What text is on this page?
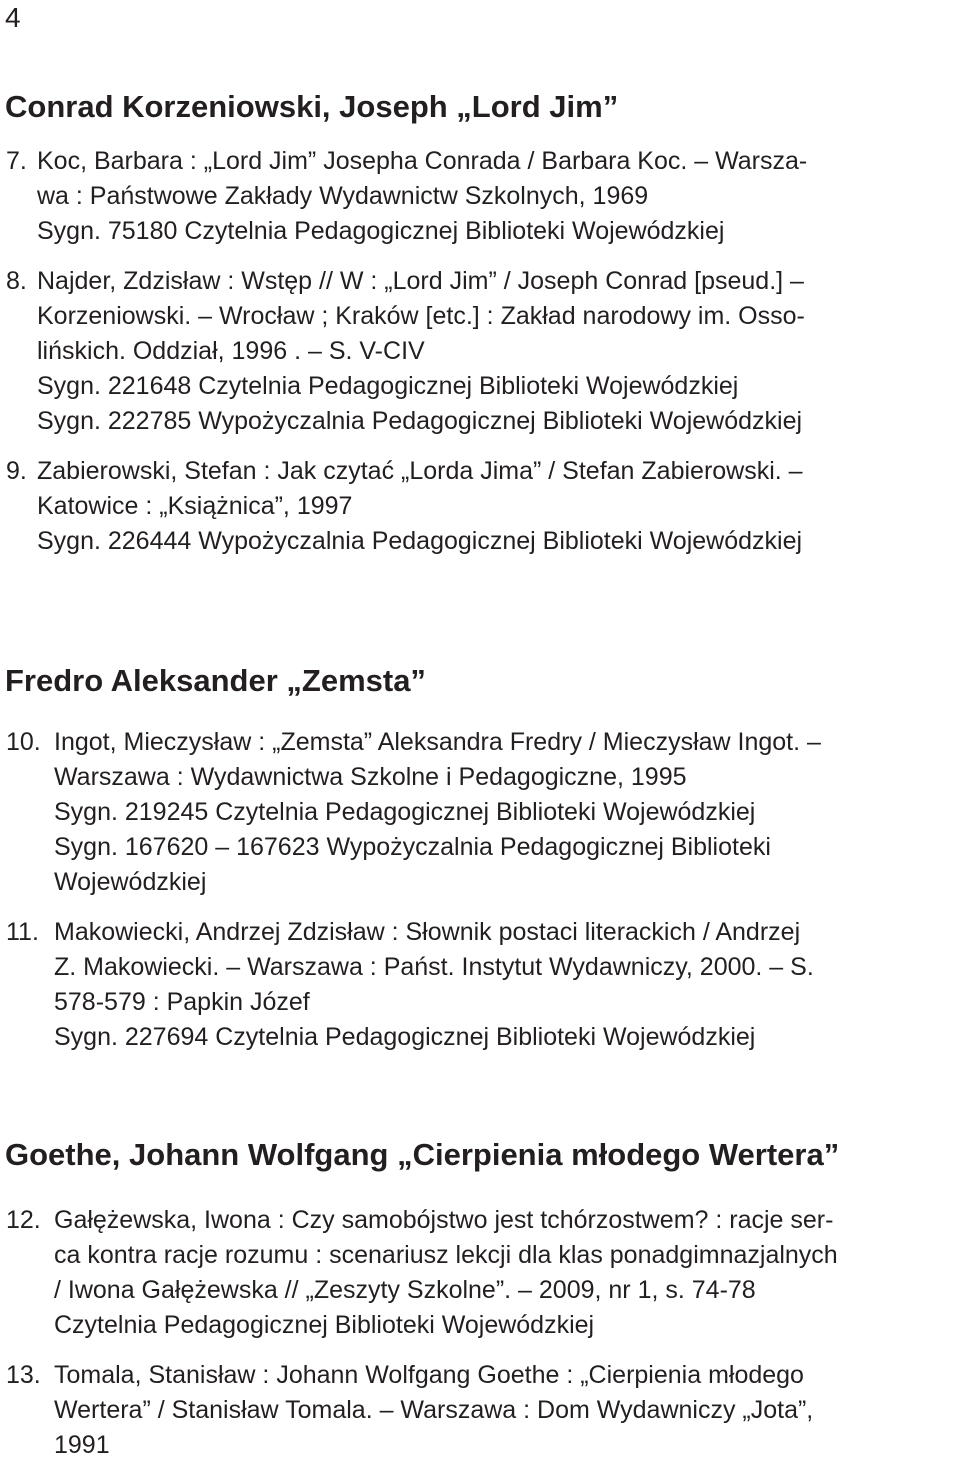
4
Conrad Korzeniowski, Joseph „Lord Jim”
7. Koc, Barbara : „Lord Jim” Josepha Conrada / Barbara Koc. – Warsza-
wa : Państwowe Zakłady Wydawnictw Szkolnych, 1969
Sygn. 75180 Czytelnia Pedagogicznej Biblioteki Wojewódzkiej
8. Najder, Zdzisław : Wstęp // W : „Lord Jim” / Joseph Conrad [pseud.] –
Korzeniowski. – Wrocław ; Kraków [etc.] : Zakład narodowy im. Osso-
lińskich. Oddział, 1996 . – S. V-CIV
Sygn. 221648 Czytelnia Pedagogicznej Biblioteki Wojewódzkiej
Sygn. 222785 Wypożyczalnia Pedagogicznej Biblioteki Wojewódzkiej
9. Zabierowski, Stefan : Jak czytać „Lorda Jima” / Stefan Zabierowski. –
Katowice : „Książnica”, 1997
Sygn. 226444 Wypożyczalnia Pedagogicznej Biblioteki Wojewódzkiej
Fredro Aleksander „Zemsta”
10. Ingot, Mieczysław : „Zemsta” Aleksandra Fredry / Mieczysław Ingot. –
Warszawa : Wydawnictwa Szkolne i Pedagogiczne, 1995
Sygn. 219245 Czytelnia Pedagogicznej Biblioteki Wojewódzkiej
Sygn. 167620 – 167623 Wypożyczalnia Pedagogicznej Biblioteki
Wojewódzkiej
11. Makowiecki, Andrzej Zdzisław : Słownik postaci literackich / Andrzej
Z. Makowiecki. – Warszawa : Państ. Instytut Wydawniczy, 2000. – S.
578-579 : Papkin Józef
Sygn. 227694 Czytelnia Pedagogicznej Biblioteki Wojewódzkiej
Goethe, Johann Wolfgang „Cierpienia młodego Wertera”
12. Gałężewska, Iwona : Czy samobójstwo jest tchórzostwem? : racje ser-
ca kontra racje rozumu : scenariusz lekcji dla klas ponadgimnazjalnych
/ Iwona Gałężewska // „Zeszyty Szkolne”. – 2009, nr 1, s. 74-78
Czytelnia Pedagogicznej Biblioteki Wojewódzkiej
13. Tomala, Stanisław : Johann Wolfgang Goethe : „Cierpienia młodego
Wertera” / Stanisław Tomala. – Warszawa : Dom Wydawniczy „Jota”,
1991
